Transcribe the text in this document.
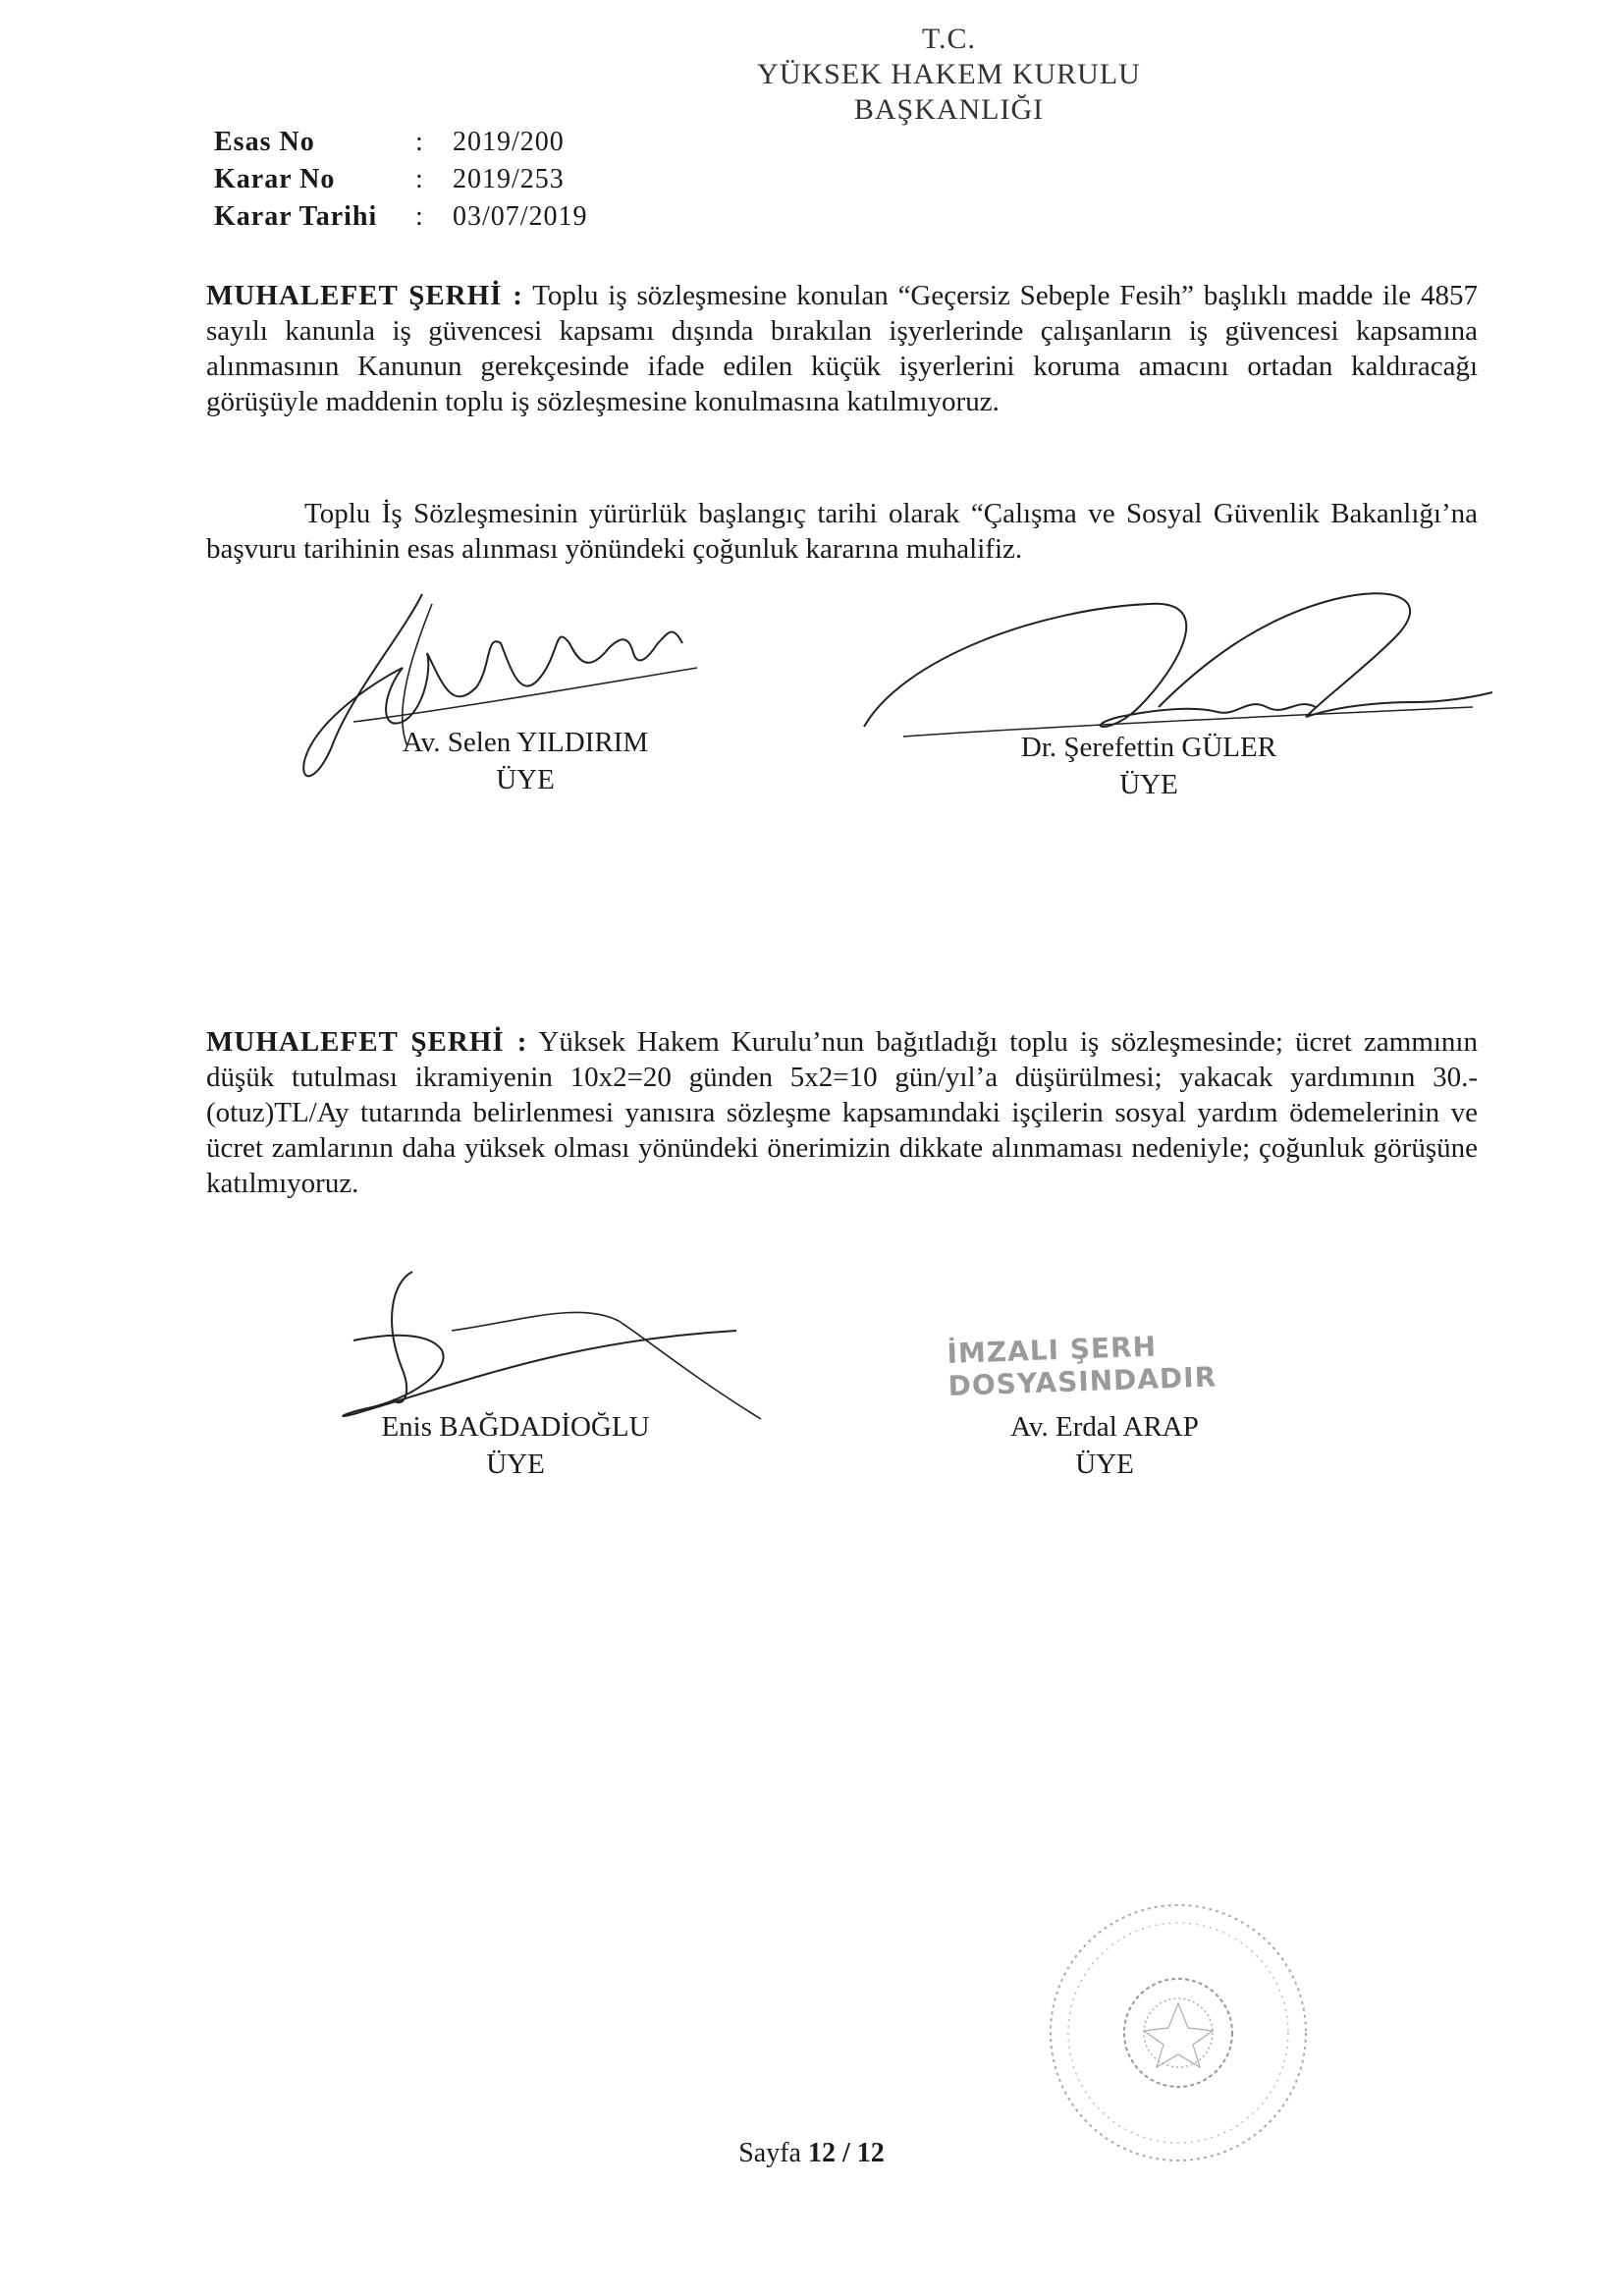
T.C.
YÜKSEK HAKEM KURULU
BAŞKANLIĞI
Esas No	:	2019/200
Karar No	:	2019/253
Karar Tarihi	:	03/07/2019
MUHALEFET ŞERHİ : Toplu iş sözleşmesine konulan “Geçersiz Sebeple Fesih” başlıklı madde ile 4857 sayılı kanunla iş güvencesi kapsamı dışında bırakılan işyerlerinde çalışanların iş güvencesi kapsamına alınmasının Kanunun gerekçesinde ifade edilen küçük işyerlerini koruma amacını ortadan kaldıracağı görüşüyle maddenin toplu iş sözleşmesine konulmasına katılmıyoruz.
Toplu İş Sözleşmesinin yürürlük başlangıç tarihi olarak “Çalışma ve Sosyal Güvenlik Bakanlığı’na başvuru tarihinin esas alınması yönündeki çoğunluk kararına muhalifiz.
Av. Selen YILDIRIM
ÜYE
Dr. Şerefettin GÜLER
ÜYE
MUHALEFET ŞERHİ : Yüksek Hakem Kurulu’nun bağıtladığı toplu iş sözleşmesinde; ücret zammının düşük tutulması ikramiyenin 10x2=20 günden 5x2=10 gün/yıl’a düşürülmesi; yakacak yardımının 30.-(otuz)TL/Ay tutarında belirlenmesi yanısıra sözleşme kapsamındaki işçilerin sosyal yardım ödemelerinin ve ücret zamlarının daha yüksek olması yönündeki önerimizin dikkate alınmaması nedeniyle; çoğunluk görüşüne katılmıyoruz.
Enis BAĞDADİOĞLU
ÜYE
İMZALI ŞERH DOSYASINDADIR
Av. Erdal ARAP
ÜYE
Sayfa 12 / 12
